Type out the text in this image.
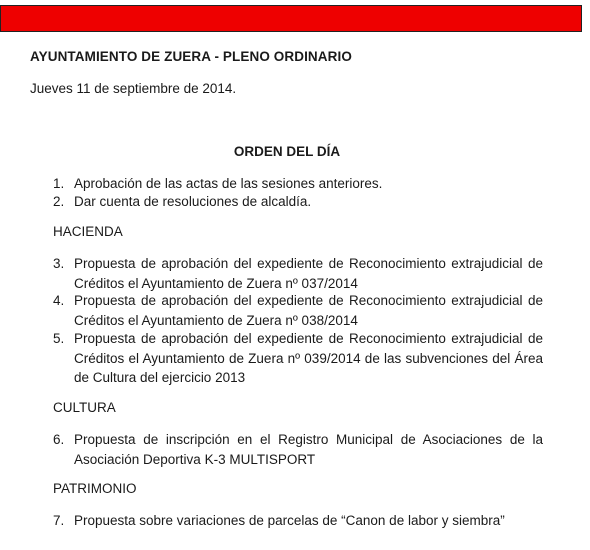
AYUNTAMIENTO DE ZUERA - PLENO ORDINARIO
Jueves 11 de septiembre de 2014.
ORDEN DEL DÍA
1. Aprobación de las actas de las sesiones anteriores.
2. Dar cuenta de resoluciones de alcaldía.
HACIENDA
3. Propuesta de aprobación del expediente de Reconocimiento extrajudicial de Créditos el Ayuntamiento de Zuera nº 037/2014
4. Propuesta de aprobación del expediente de Reconocimiento extrajudicial de Créditos el Ayuntamiento de Zuera nº 038/2014
5. Propuesta de aprobación del expediente de Reconocimiento extrajudicial de Créditos el Ayuntamiento de Zuera nº 039/2014 de las subvenciones del Área de Cultura del ejercicio 2013
CULTURA
6. Propuesta de inscripción en el Registro Municipal de Asociaciones de la Asociación Deportiva K-3 MULTISPORT
PATRIMONIO
7. Propuesta sobre variaciones de parcelas de “Canon de labor y siembra”
